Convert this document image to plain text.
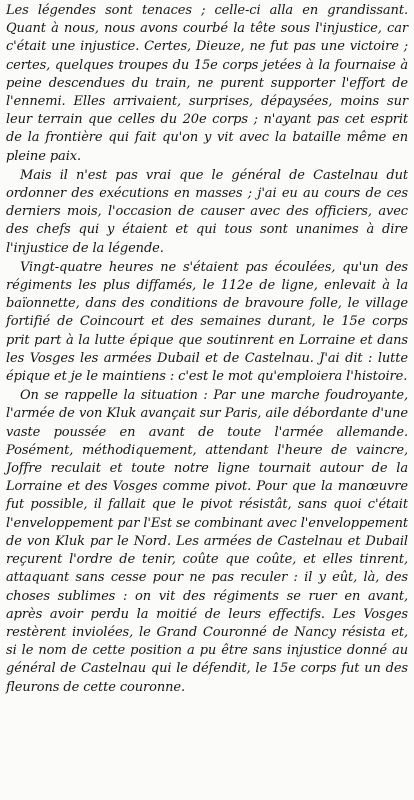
Les légendes sont tenaces ; celle-ci alla en grandissant. Quant à nous, nous avons courbé la tête sous l'injustice, car c'était une injustice. Certes, Dieuze, ne fut pas une victoire ; certes, quelques troupes du 15e corps jetées à la fournaise à peine descendues du train, ne purent supporter l'effort de l'ennemi. Elles arrivaient, surprises, dépaysées, moins sur leur terrain que celles du 20e corps ; n'ayant pas cet esprit de la frontière qui fait qu'on y vit avec la bataille même en pleine paix.

Mais il n'est pas vrai que le général de Castelnau dut ordonner des exécutions en masses ; j'ai eu au cours de ces derniers mois, l'occasion de causer avec des officiers, avec des chefs qui y étaient et qui tous sont unanimes à dire l'injustice de la légende.

Vingt-quatre heures ne s'étaient pas écoulées, qu'un des régiments les plus diffamés, le 112e de ligne, enlevait à la baïonnette, dans des conditions de bravoure folle, le village fortifié de Coincourt et des semaines durant, le 15e corps prit part à la lutte épique que soutinrent en Lorraine et dans les Vosges les armées Dubail et de Castelnau. J'ai dit : lutte épique et je le maintiens : c'est le mot qu'emploiera l'histoire.

On se rappelle la situation : Par une marche foudroyante, l'armée de von Kluk avançait sur Paris, aile débordante d'une vaste poussée en avant de toute l'armée allemande. Posément, méthodiquement, attendant l'heure de vaincre, Joffre reculait et toute notre ligne tournait autour de la Lorraine et des Vosges comme pivot. Pour que la manœuvre fut possible, il fallait que le pivot résistât, sans quoi c'était l'enveloppement par l'Est se combinant avec l'enveloppement de von Kluk par le Nord. Les armées de Castelnau et Dubail reçurent l'ordre de tenir, coûte que coûte, et elles tinrent, attaquant sans cesse pour ne pas reculer : il y eût, là, des choses sublimes : on vit des régiments se ruer en avant, après avoir perdu la moitié de leurs effectifs. Les Vosges restèrent inviolées, le Grand Couronné de Nancy résista et, si le nom de cette position a pu être sans injustice donné au général de Castelnau qui le défendit, le 15e corps fut un des fleurons de cette couronne.
